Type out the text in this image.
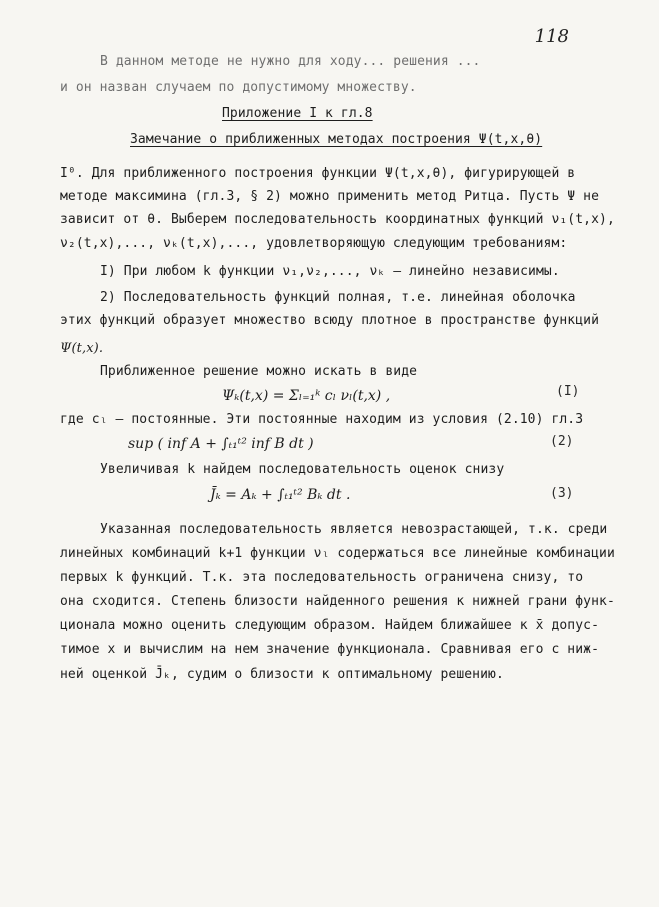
118
В данном методе не нужно для ходу... решения ...
и он назван случаем по допустимому множеству.
Приложение I к гл.8
Замечание о приближенных методах построения Ψ(t,x,θ)
I⁰. Для приближенного построения функции Ψ(t,x,θ), фигурирующей в
методе максимина (гл.3, § 2) можно применить метод Ритца. Пусть Ψ не
зависит от θ. Выберем последовательность координатных функций ν₁(t,x),
ν₂(t,x),..., νₖ(t,x),..., удовлетворяющую следующим требованиям:
I) При любом k функции ν₁,ν₂,..., νₖ – линейно независимы.
2) Последовательность функций полная, т.е. линейная оболочка
этих функций образует множество всюду плотное в пространстве функций
Ψ(t,x).
Приближенное решение можно искать в виде
Ψₖ(t,x) = Σₗ₌₁ᵏ cₗ νₗ(t,x) ,	(I)
где cₗ – постоянные. Эти постоянные находим из условия (2.10) гл.3
sup ( inf A + ∫ₜ₁ᵗ² inf B dt )	(2)
Увеличивая k найдем последовательность оценок снизу
J̄ₖ = Aₖ + ∫ₜ₁ᵗ² Bₖ dt .	(3)
Указанная последовательность является невозрастающей, т.к. среди
линейных комбинаций k+1 функции νₗ содержаться все линейные комбинации
первых k функций. Т.к. эта последовательность ограничена снизу, то
она сходится. Степень близости найденного решения к нижней грани функ-
ционала можно оценить следующим образом. Найдем ближайшее к x̄ допус-
тимое x и вычислим на нем значение функционала. Сравнивая его с ниж-
ней оценкой J̄ₖ, судим о близости к оптимальному решению.
